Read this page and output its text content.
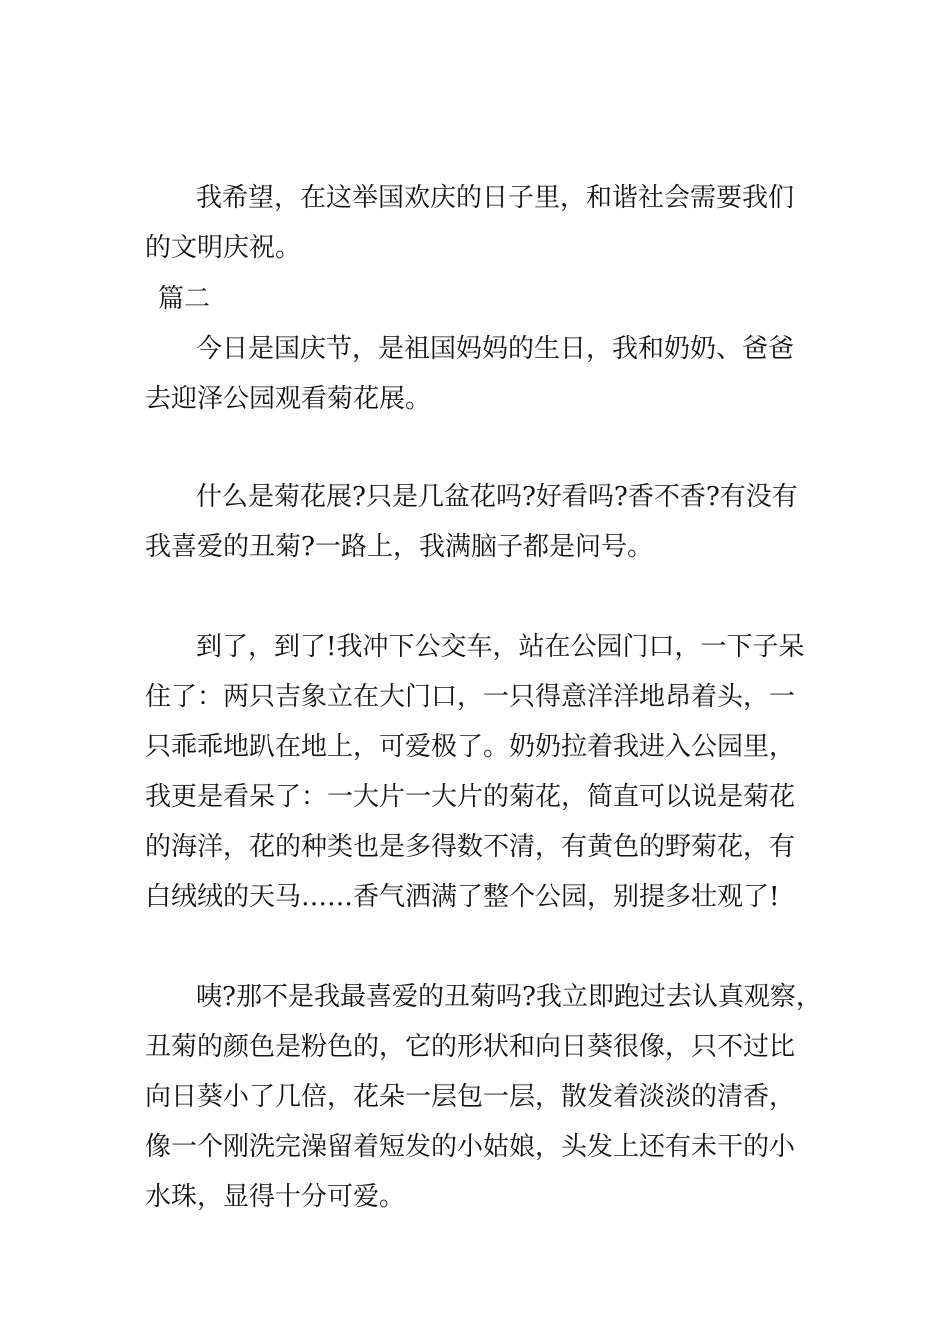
我希望，在这举国欢庆的日子里，和谐社会需要我们
的文明庆祝。
篇二
今日是国庆节，是祖国妈妈的生日，我和奶奶、爸爸
去迎泽公园观看菊花展。
什么是菊花展?只是几盆花吗?好看吗?香不香?有没有
我喜爱的丑菊?一路上，我满脑子都是问号。
到了，到了!我冲下公交车，站在公园门口，一下子呆
住了：两只吉象立在大门口，一只得意洋洋地昂着头，一
只乖乖地趴在地上，可爱极了。奶奶拉着我进入公园里，
我更是看呆了：一大片一大片的菊花，简直可以说是菊花
的海洋，花的种类也是多得数不清，有黄色的野菊花，有
白绒绒的天马……香气洒满了整个公园，别提多壮观了!
咦?那不是我最喜爱的丑菊吗?我立即跑过去认真观察，
丑菊的颜色是粉色的，它的形状和向日葵很像，只不过比
向日葵小了几倍，花朵一层包一层，散发着淡淡的清香，
像一个刚洗完澡留着短发的小姑娘，头发上还有未干的小
水珠，显得十分可爱。
